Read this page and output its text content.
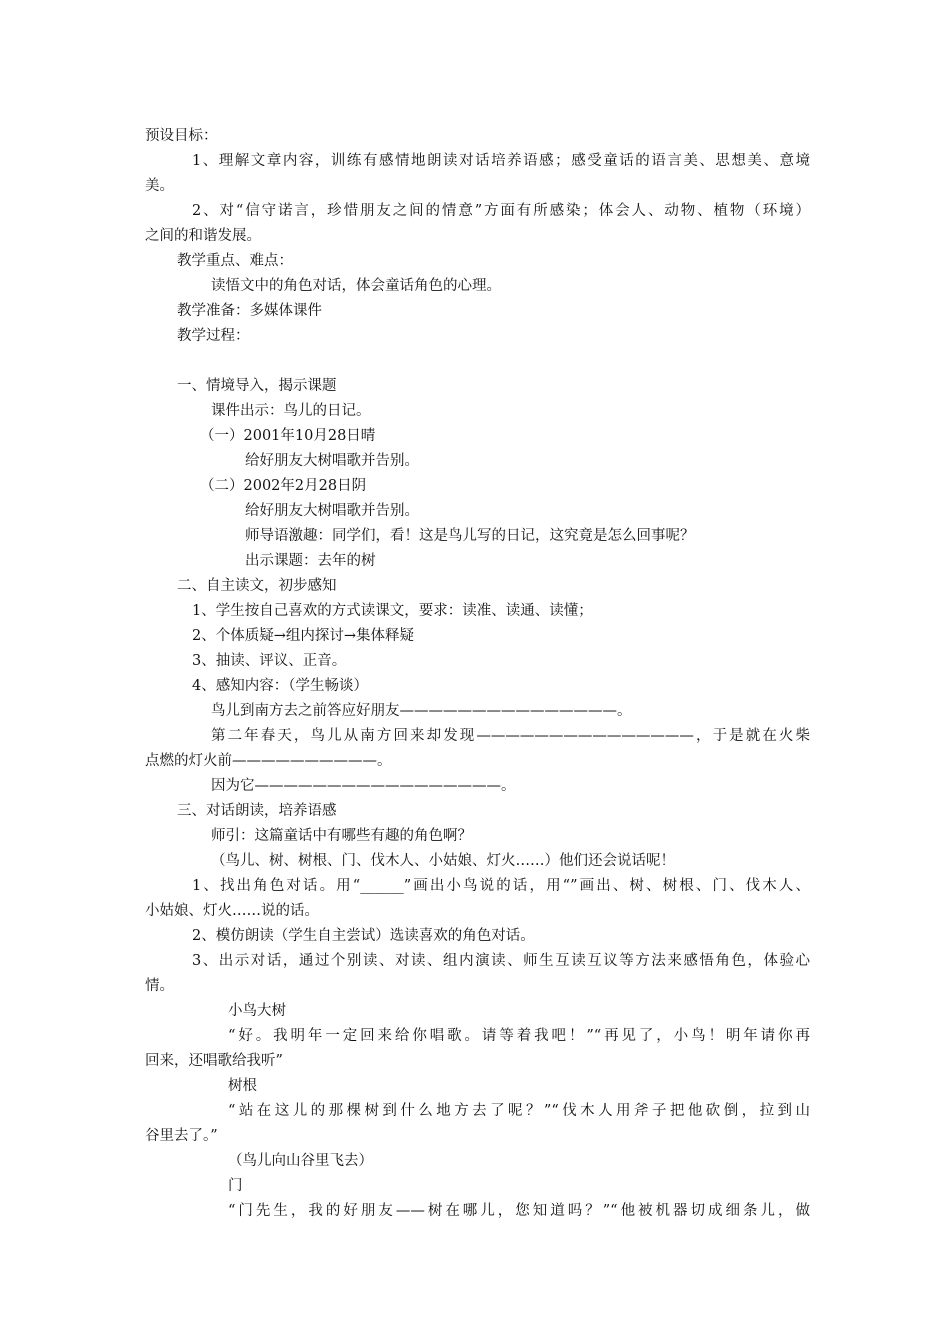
预设目标：
1、理解文章内容，训练有感情地朗读对话培养语感；感受童话的语言美、思想美、意境
美。
2、对“信守诺言，珍惜朋友之间的情意”方面有所感染；体会人、动物、植物（环境）
之间的和谐发展。
教学重点、难点：
读悟文中的角色对话，体会童话角色的心理。
教学准备：多媒体课件
教学过程：
一、情境导入，揭示课题
课件出示：鸟儿的日记。
（一）2001年10月28日晴
给好朋友大树唱歌并告别。
（二）2002年2月28日阴
给好朋友大树唱歌并告别。
师导语激趣：同学们，看！这是鸟儿写的日记，这究竟是怎么回事呢？
出示课题：去年的树
二、自主读文，初步感知
1、学生按自己喜欢的方式读课文，要求：读准、读通、读懂；
2、个体质疑→组内探讨→集体释疑
3、抽读、评议、正音。
4、感知内容：（学生畅谈）
鸟儿到南方去之前答应好朋友———————————————。
第二年春天，鸟儿从南方回来却发现———————————————，于是就在火柴
点燃的灯火前——————————。
因为它—————————————————。
三、对话朗读，培养语感
师引：这篇童话中有哪些有趣的角色啊？
（鸟儿、树、树根、门、伐木人、小姑娘、灯火……）他们还会说话呢！
1、找出角色对话。用“______”画出小鸟说的话，用“”画出、树、树根、门、伐木人、
小姑娘、灯火……说的话。
2、模仿朗读（学生自主尝试）选读喜欢的角色对话。
3、出示对话，通过个别读、对读、组内演读、师生互读互议等方法来感悟角色，体验心
情。
小鸟大树
“好。我明年一定回来给你唱歌。请等着我吧！”“再见了，小鸟！明年请你再
回来，还唱歌给我听”
树根
“站在这儿的那棵树到什么地方去了呢？”“伐木人用斧子把他砍倒，拉到山
谷里去了。”
（鸟儿向山谷里飞去）
门
“门先生，我的好朋友——树在哪儿，您知道吗？”“他被机器切成细条儿，做
